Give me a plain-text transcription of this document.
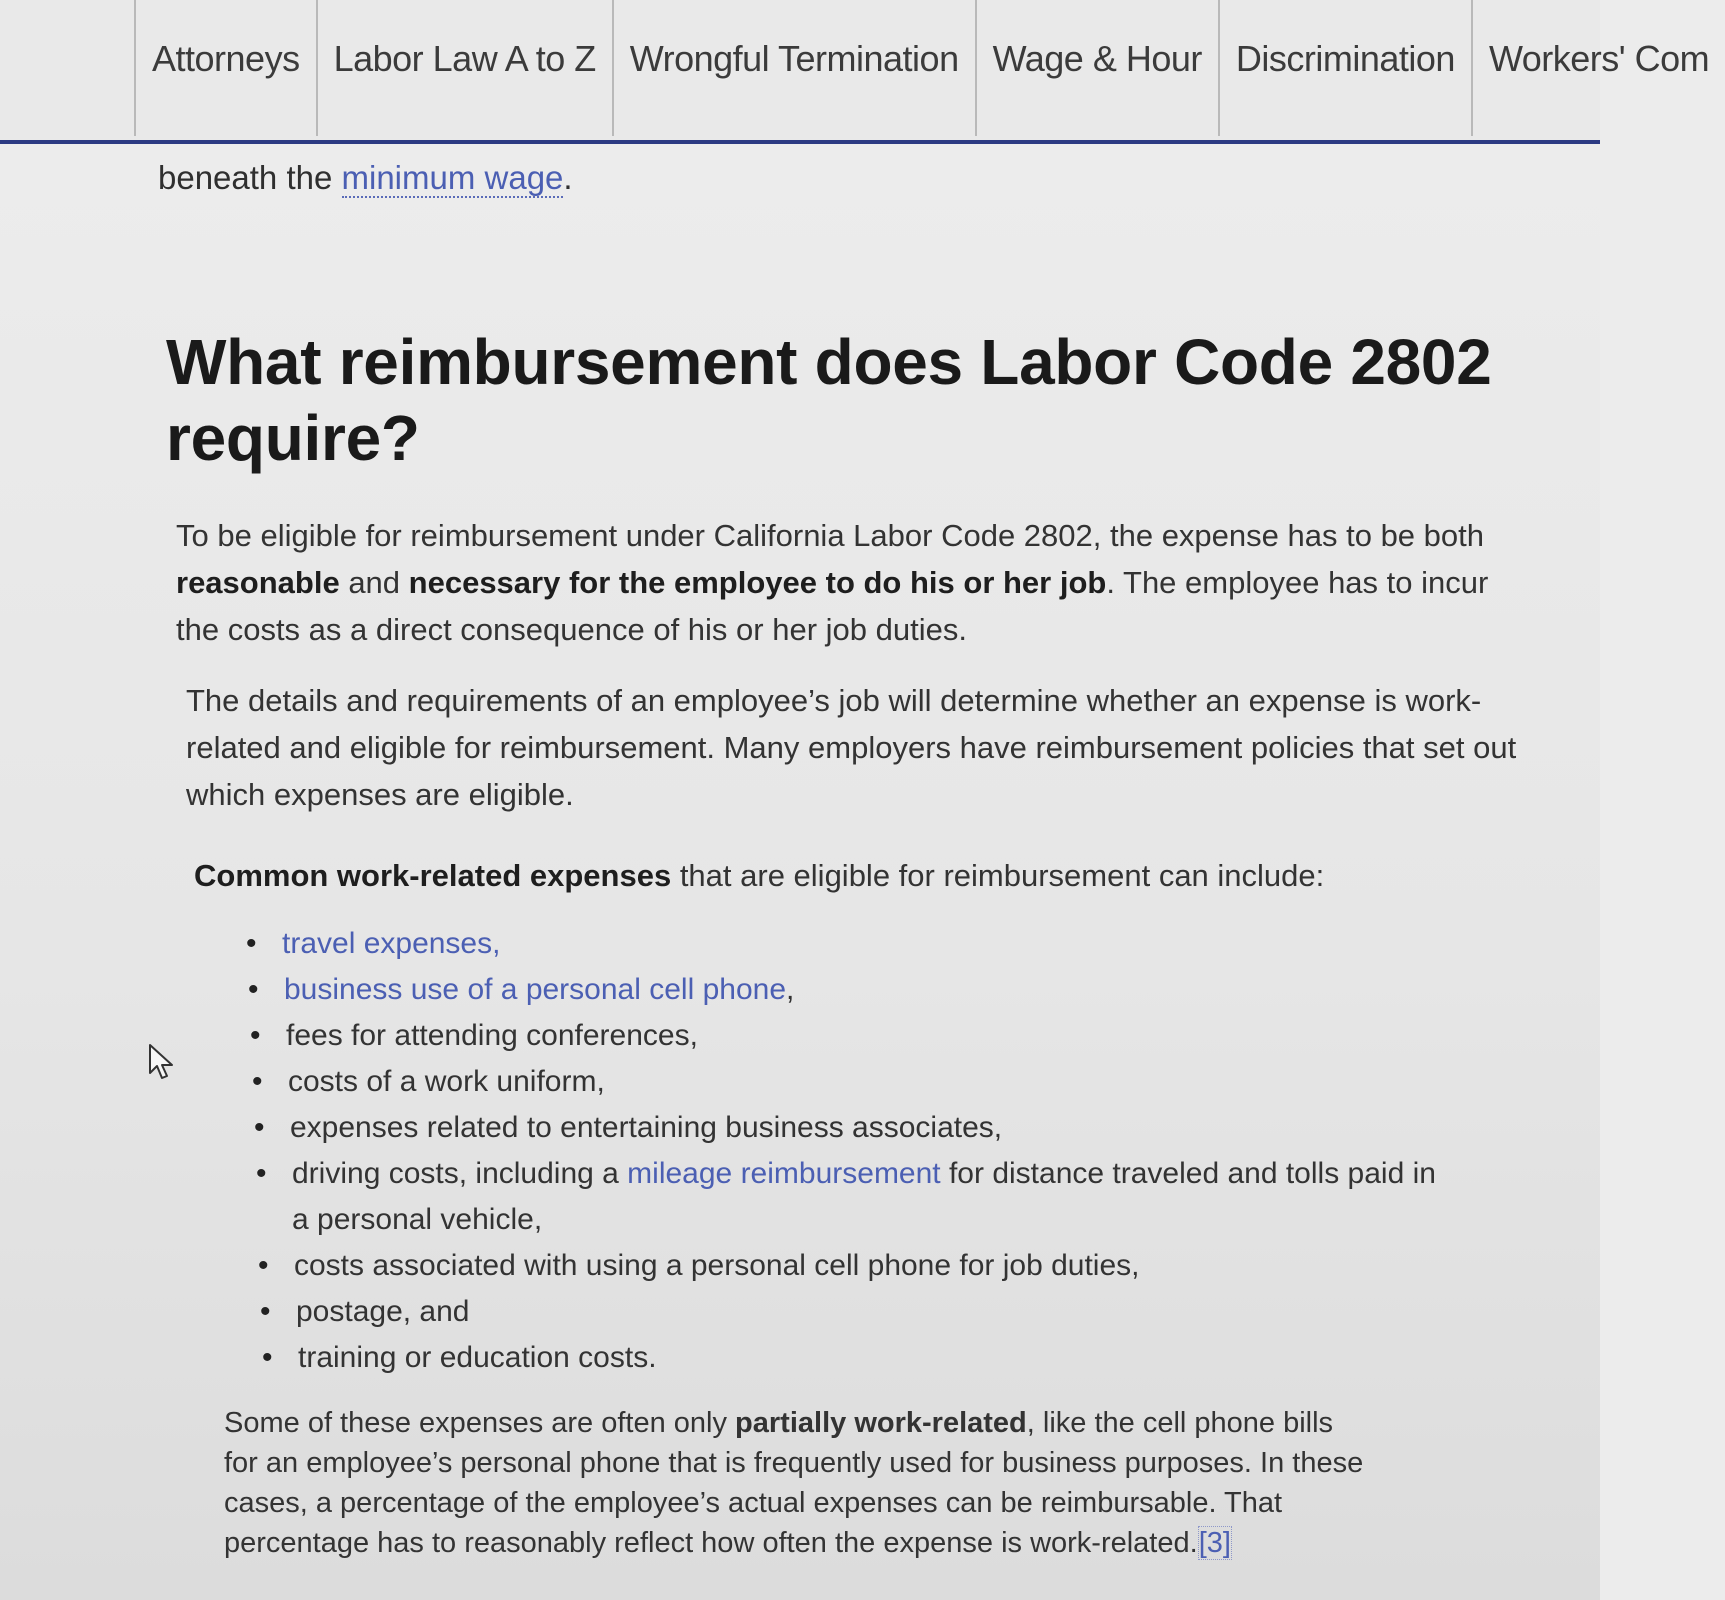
Attorneys Labor Law A to Z Wrongful Termination Wage & Hour Discrimination Workers' Com

beneath the minimum wage.

What reimbursement does Labor Code 2802 require?

To be eligible for reimbursement under California Labor Code 2802, the expense has to be both reasonable and necessary for the employee to do his or her job. The employee has to incur the costs as a direct consequence of his or her job duties.

The details and requirements of an employee’s job will determine whether an expense is work-related and eligible for reimbursement. Many employers have reimbursement policies that set out which expenses are eligible.

Common work-related expenses that are eligible for reimbursement can include:

• travel expenses,
• business use of a personal cell phone,
• fees for attending conferences,
• costs of a work uniform,
• expenses related to entertaining business associates,
• driving costs, including a mileage reimbursement for distance traveled and tolls paid in a personal vehicle,
• costs associated with using a personal cell phone for job duties,
• postage, and
• training or education costs.

Some of these expenses are often only partially work-related, like the cell phone bills for an employee’s personal phone that is frequently used for business purposes. In these cases, a percentage of the employee’s actual expenses can be reimbursable. That percentage has to reasonably reflect how often the expense is work-related.[3]
